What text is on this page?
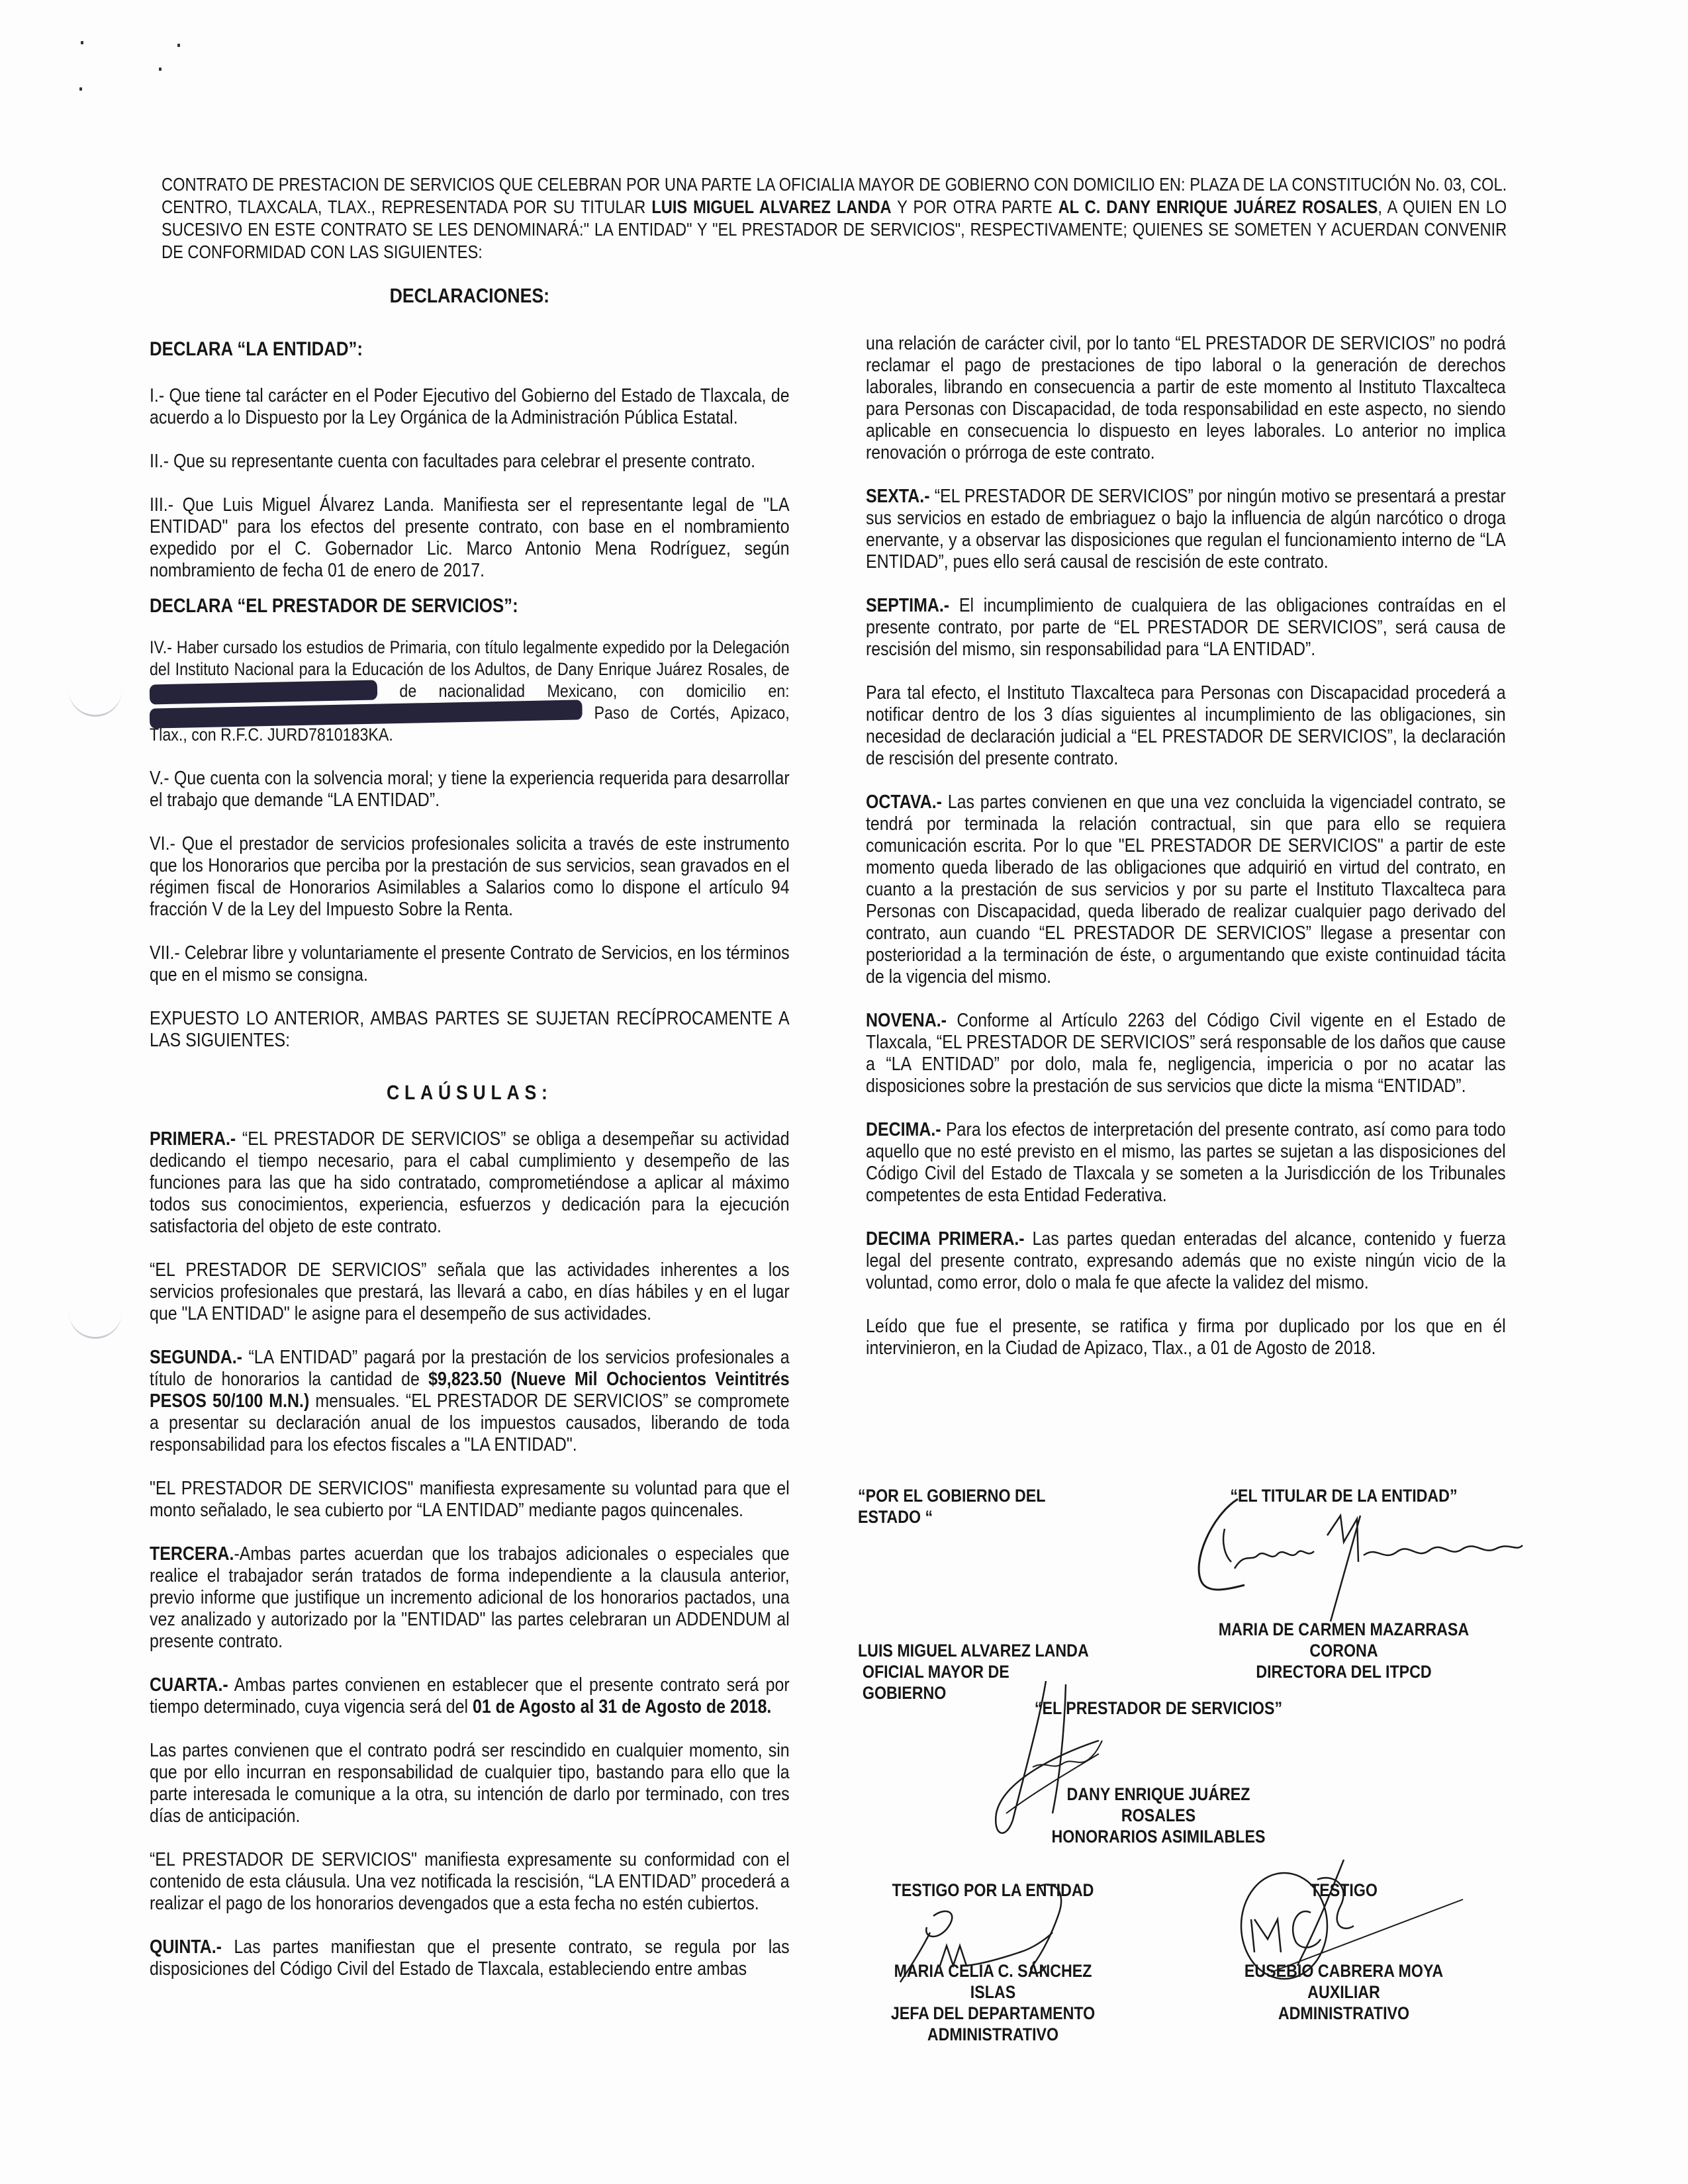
CONTRATO DE PRESTACION DE SERVICIOS QUE CELEBRAN POR UNA PARTE LA OFICIALIA MAYOR DE GOBIERNO CON DOMICILIO EN: PLAZA DE LA CONSTITUCIÓN No. 03, COL. CENTRO, TLAXCALA, TLAX., REPRESENTADA POR SU TITULAR LUIS MIGUEL ALVAREZ LANDA Y POR OTRA PARTE AL C. DANY ENRIQUE JUÁREZ ROSALES, A QUIEN EN LO SUCESIVO EN ESTE CONTRATO SE LES DENOMINARÁ:" LA ENTIDAD" Y "EL PRESTADOR DE SERVICIOS", RESPECTIVAMENTE; QUIENES SE SOMETEN Y ACUERDAN CONVENIR DE CONFORMIDAD CON LAS SIGUIENTES:
DECLARACIONES:
DECLARA “LA ENTIDAD”:

I.- Que tiene tal carácter en el Poder Ejecutivo del Gobierno del Estado de Tlaxcala, de acuerdo a lo Dispuesto por la Ley Orgánica de la Administración Pública Estatal.

II.- Que su representante cuenta con facultades para celebrar el presente contrato.

III.- Que Luis Miguel Álvarez Landa. Manifiesta ser el representante legal de "LA ENTIDAD" para los efectos del presente contrato, con base en el nombramiento expedido por el C. Gobernador Lic. Marco Antonio Mena Rodríguez, según nombramiento de fecha 01 de enero de 2017.

DECLARA “EL PRESTADOR DE SERVICIOS”:

IV.- Haber cursado los estudios de Primaria, con título legalmente expedido por la Delegación del Instituto Nacional para la Educación de los Adultos, de Dany Enrique Juárez Rosales, de  de nacionalidad Mexicano, con domicilio en:  Paso de Cortés, Apizaco, Tlax., con R.F.C. JURD7810183KA.

V.- Que cuenta con la solvencia moral; y tiene la experiencia requerida para desarrollar el trabajo que demande “LA ENTIDAD”.

VI.- Que el prestador de servicios profesionales solicita a través de este instrumento que los Honorarios que perciba por la prestación de sus servicios, sean gravados en el régimen fiscal de Honorarios Asimilables a Salarios como lo dispone el artículo 94 fracción V de la Ley del Impuesto Sobre la Renta.

VII.- Celebrar libre y voluntariamente el presente Contrato de Servicios, en los términos que en el mismo se consigna.

EXPUESTO LO ANTERIOR, AMBAS PARTES SE SUJETAN RECÍPROCAMENTE A LAS SIGUIENTES:

CLAÚSULAS:

PRIMERA.- “EL PRESTADOR DE SERVICIOS” se obliga a desempeñar su actividad dedicando el tiempo necesario, para el cabal cumplimiento y desempeño de las funciones para las que ha sido contratado, comprometiéndose a aplicar al máximo todos sus conocimientos, experiencia, esfuerzos y dedicación para la ejecución satisfactoria del objeto de este contrato.

“EL PRESTADOR DE SERVICIOS” señala que las actividades inherentes a los servicios profesionales que prestará, las llevará a cabo, en días hábiles y en el lugar que "LA ENTIDAD" le asigne para el desempeño de sus actividades.

SEGUNDA.- “LA ENTIDAD” pagará por la prestación de los servicios profesionales a título de honorarios la cantidad de $9,823.50 (Nueve Mil Ochocientos Veintitrés PESOS 50/100 M.N.) mensuales. “EL PRESTADOR DE SERVICIOS” se compromete a presentar su declaración anual de los impuestos causados, liberando de toda responsabilidad para los efectos fiscales a "LA ENTIDAD".

"EL PRESTADOR DE SERVICIOS" manifiesta expresamente su voluntad para que el monto señalado, le sea cubierto por “LA ENTIDAD” mediante pagos quincenales.

TERCERA.-Ambas partes acuerdan que los trabajos adicionales o especiales que realice el trabajador serán tratados de forma independiente a la clausula anterior, previo informe que justifique un incremento adicional de los honorarios pactados, una vez analizado y autorizado por la "ENTIDAD" las partes celebraran un ADDENDUM al presente contrato.

CUARTA.- Ambas partes convienen en establecer que el presente contrato será por tiempo determinado, cuya vigencia será del 01 de Agosto al 31 de Agosto de 2018.

Las partes convienen que el contrato podrá ser rescindido en cualquier momento, sin que por ello incurran en responsabilidad de cualquier tipo, bastando para ello que la parte interesada le comunique a la otra, su intención de darlo por terminado, con tres días de anticipación.

“EL PRESTADOR DE SERVICIOS" manifiesta expresamente su conformidad con el contenido de esta cláusula. Una vez notificada la rescisión, “LA ENTIDAD” procederá a realizar el pago de los honorarios devengados que a esta fecha no estén cubiertos.

QUINTA.- Las partes manifiestan que el presente contrato, se regula por las disposiciones del Código Civil del Estado de Tlaxcala, estableciendo entre ambas

una relación de carácter civil, por lo tanto “EL PRESTADOR DE SERVICIOS” no podrá reclamar el pago de prestaciones de tipo laboral o la generación de derechos laborales, librando en consecuencia a partir de este momento al Instituto Tlaxcalteca para Personas con Discapacidad, de toda responsabilidad en este aspecto, no siendo aplicable en consecuencia lo dispuesto en leyes laborales. Lo anterior no implica renovación o prórroga de este contrato.

SEXTA.- “EL PRESTADOR DE SERVICIOS” por ningún motivo se presentará a prestar sus servicios en estado de embriaguez o bajo la influencia de algún narcótico o droga enervante, y a observar las disposiciones que regulan el funcionamiento interno de “LA ENTIDAD”, pues ello será causal de rescisión de este contrato.

SEPTIMA.- El incumplimiento de cualquiera de las obligaciones contraídas en el presente contrato, por parte de “EL PRESTADOR DE SERVICIOS”, será causa de rescisión del mismo, sin responsabilidad para “LA ENTIDAD”.

Para tal efecto, el Instituto Tlaxcalteca para Personas con Discapacidad procederá a notificar dentro de los 3 días siguientes al incumplimiento de las obligaciones, sin necesidad de declaración judicial a “EL PRESTADOR DE SERVICIOS”, la declaración de rescisión del presente contrato.

OCTAVA.- Las partes convienen en que una vez concluida la vigenciadel contrato, se tendrá por terminada la relación contractual, sin que para ello se requiera comunicación escrita. Por lo que "EL PRESTADOR DE SERVICIOS" a partir de este momento queda liberado de las obligaciones que adquirió en virtud del contrato, en cuanto a la prestación de sus servicios y por su parte el Instituto Tlaxcalteca para Personas con Discapacidad, queda liberado de realizar cualquier pago derivado del contrato, aun cuando “EL PRESTADOR DE SERVICIOS” llegase a presentar con posterioridad a la terminación de éste, o argumentando que existe continuidad tácita de la vigencia del mismo.

NOVENA.- Conforme al Artículo 2263 del Código Civil vigente en el Estado de Tlaxcala, “EL PRESTADOR DE SERVICIOS” será responsable de los daños que cause a “LA ENTIDAD” por dolo, mala fe, negligencia, impericia o por no acatar las disposiciones sobre la prestación de sus servicios que dicte la misma “ENTIDAD”.

DECIMA.- Para los efectos de interpretación del presente contrato, así como para todo aquello que no esté previsto en el mismo, las partes se sujetan a las disposiciones del Código Civil del Estado de Tlaxcala y se someten a la Jurisdicción de los Tribunales competentes de esta Entidad Federativa.

DECIMA PRIMERA.- Las partes quedan enteradas del alcance, contenido y fuerza legal del presente contrato, expresando además que no existe ningún vicio de la voluntad, como error, dolo o mala fe que afecte la validez del mismo.

Leído que fue el presente, se ratifica y firma por duplicado por los que en él intervinieron, en la Ciudad de Apizaco, Tlax., a 01 de Agosto de 2018.

“POR EL GOBIERNO DEL ESTADO “
LUIS MIGUEL ALVAREZ LANDA
OFICIAL MAYOR DE GOBIERNO
“EL TITULAR DE LA ENTIDAD”
MARIA DE CARMEN MAZARRASA
CORONA
DIRECTORA DEL ITPCD
“EL PRESTADOR DE SERVICIOS”
DANY ENRIQUE JUÁREZ ROSALES
HONORARIOS ASIMILABLES
TESTIGO POR LA ENTIDAD
MARIA CELIA C. SÁNCHEZ ISLAS
JEFA DEL DEPARTAMENTO
ADMINISTRATIVO
TESTIGO
EUSEBIO CABRERA MOYA
AUXILIAR ADMINISTRATIVO
